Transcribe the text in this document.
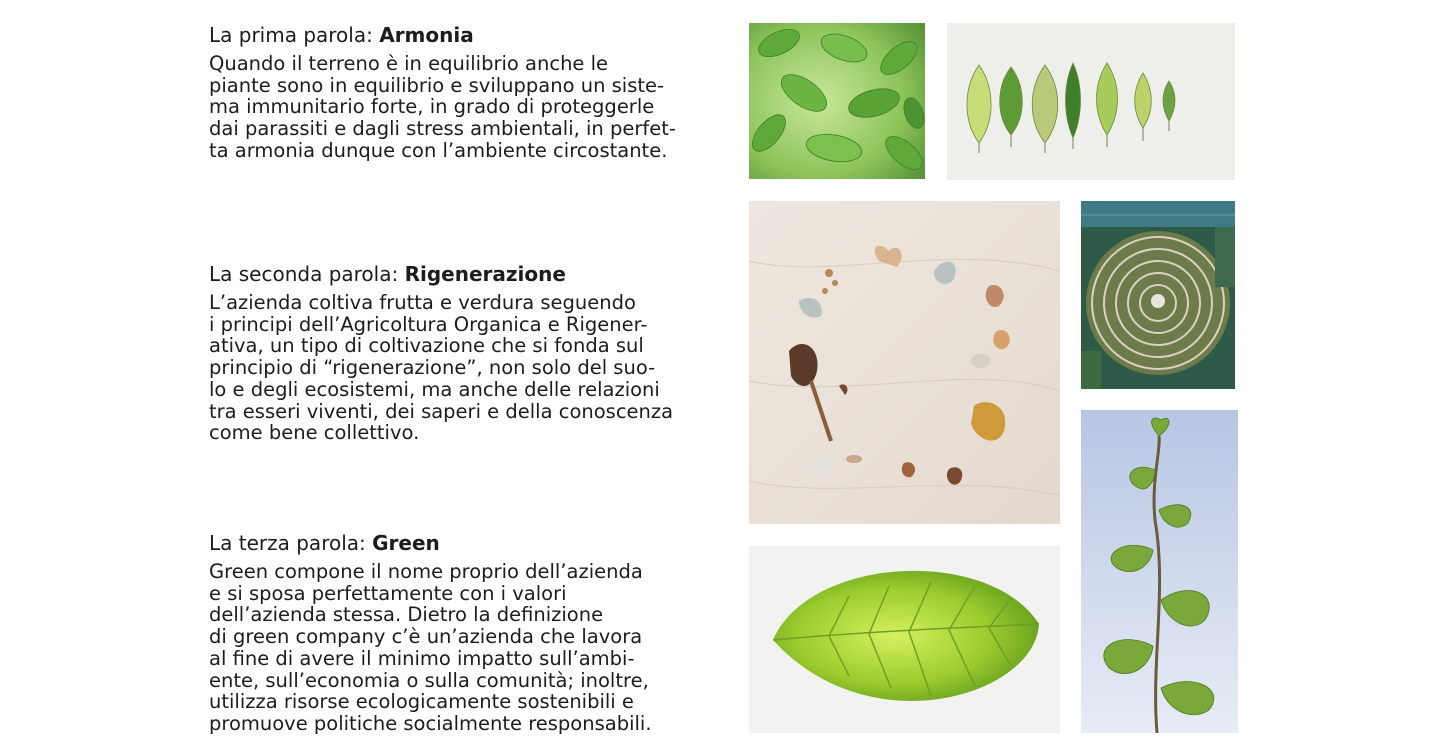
La prima parola: Armonia

Quando il terreno è in equilibrio anche le
piante sono in equilibrio e sviluppano un siste-
ma immunitario forte, in grado di proteggerle
dai parassiti e dagli stress ambientali, in perfet-
ta armonia dunque con l’ambiente circostante.

La seconda parola: Rigenerazione

L’azienda coltiva frutta e verdura seguendo
i principi dell’Agricoltura Organica e Rigener-
ativa, un tipo di coltivazione che si fonda sul
principio di “rigenerazione”, non solo del suo-
lo e degli ecosistemi, ma anche delle relazioni
tra esseri viventi, dei saperi e della conoscenza
come bene collettivo.

La terza parola: Green

Green compone il nome proprio dell’azienda
e si sposa perfettamente con i valori
dell’azienda stessa. Dietro la definizione
di green company c’è un’azienda che lavora
al fine di avere il minimo impatto sull’ambi-
ente, sull’economia o sulla comunità; inoltre,
utilizza risorse ecologicamente sostenibili e
promuove politiche socialmente responsabili.
